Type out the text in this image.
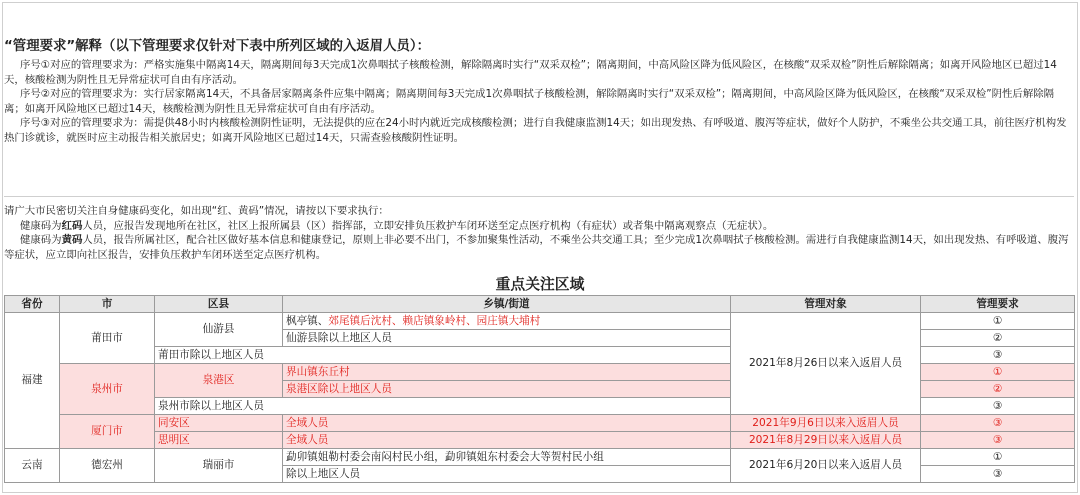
“管理要求”解释（以下管理要求仅针对下表中所列区域的入返眉人员）：

序号①对应的管理要求为：严格实施集中隔离14天，隔离期间每3天完成1次鼻咽拭子核酸检测，解除隔离时实行“双采双检”；隔离期间，中高风险区降为低风险区，在核酸“双采双检”阴性后解除隔离；如离开风险地区已超过14天，核酸检测为阴性且无异常症状可自由有序活动。

序号②对应的管理要求为：实行居家隔离14天，不具备居家隔离条件应集中隔离；隔离期间每3天完成1次鼻咽拭子核酸检测，解除隔离时实行“双采双检”；隔离期间，中高风险区降为低风险区，在核酸“双采双检”阴性后解除隔离；如离开风险地区已超过14天，核酸检测为阴性且无异常症状可自由有序活动。

序号③对应的管理要求为：需提供48小时内核酸检测阴性证明，无法提供的应在24小时内就近完成核酸检测；进行自我健康监测14天；如出现发热、有呼吸道、腹泻等症状，做好个人防护，不乘坐公共交通工具，前往医疗机构发热门诊就诊，就医时应主动报告相关旅居史；如离开风险地区已超过14天，只需查验核酸阴性证明。

请广大市民密切关注自身健康码变化，如出现“红、黄码”情况，请按以下要求执行：

健康码为红码人员，应报告发现地所在社区，社区上报所属县（区）指挥部，立即安排负压救护车闭环送至定点医疗机构（有症状）或者集中隔离观察点（无症状）。

健康码为黄码人员，报告所属社区，配合社区做好基本信息和健康登记，原则上非必要不出门，不参加聚集性活动，不乘坐公共交通工具；至少完成1次鼻咽拭子核酸检测。需进行自我健康监测14天，如出现发热、有呼吸道、腹泻等症状，应立即向社区报告，安排负压救护车闭环送至定点医疗机构。

重点关注区域
省份	市	区县	乡镇/街道	管理对象	管理要求
福建	莆田市	仙游县	枫亭镇、郊尾镇后沈村、赖店镇象岭村、园庄镇大埔村	2021年8月26日以来入返眉人员	①
			仙游县除以上地区人员		②
		莆田市除以上地区人员			③
	泉州市	泉港区	界山镇东丘村		①
			泉港区除以上地区人员		②
		泉州市除以上地区人员			③
	厦门市	同安区	全域人员	2021年9月6日以来入返眉人员	③
		思明区	全域人员	2021年8月29日以来入返眉人员	③
云南	德宏州	瑞丽市	勐卯镇姐勒村委会南闷村民小组，勐卯镇姐东村委会大等贺村民小组	2021年6月20日以来入返眉人员	①
			除以上地区人员		③
